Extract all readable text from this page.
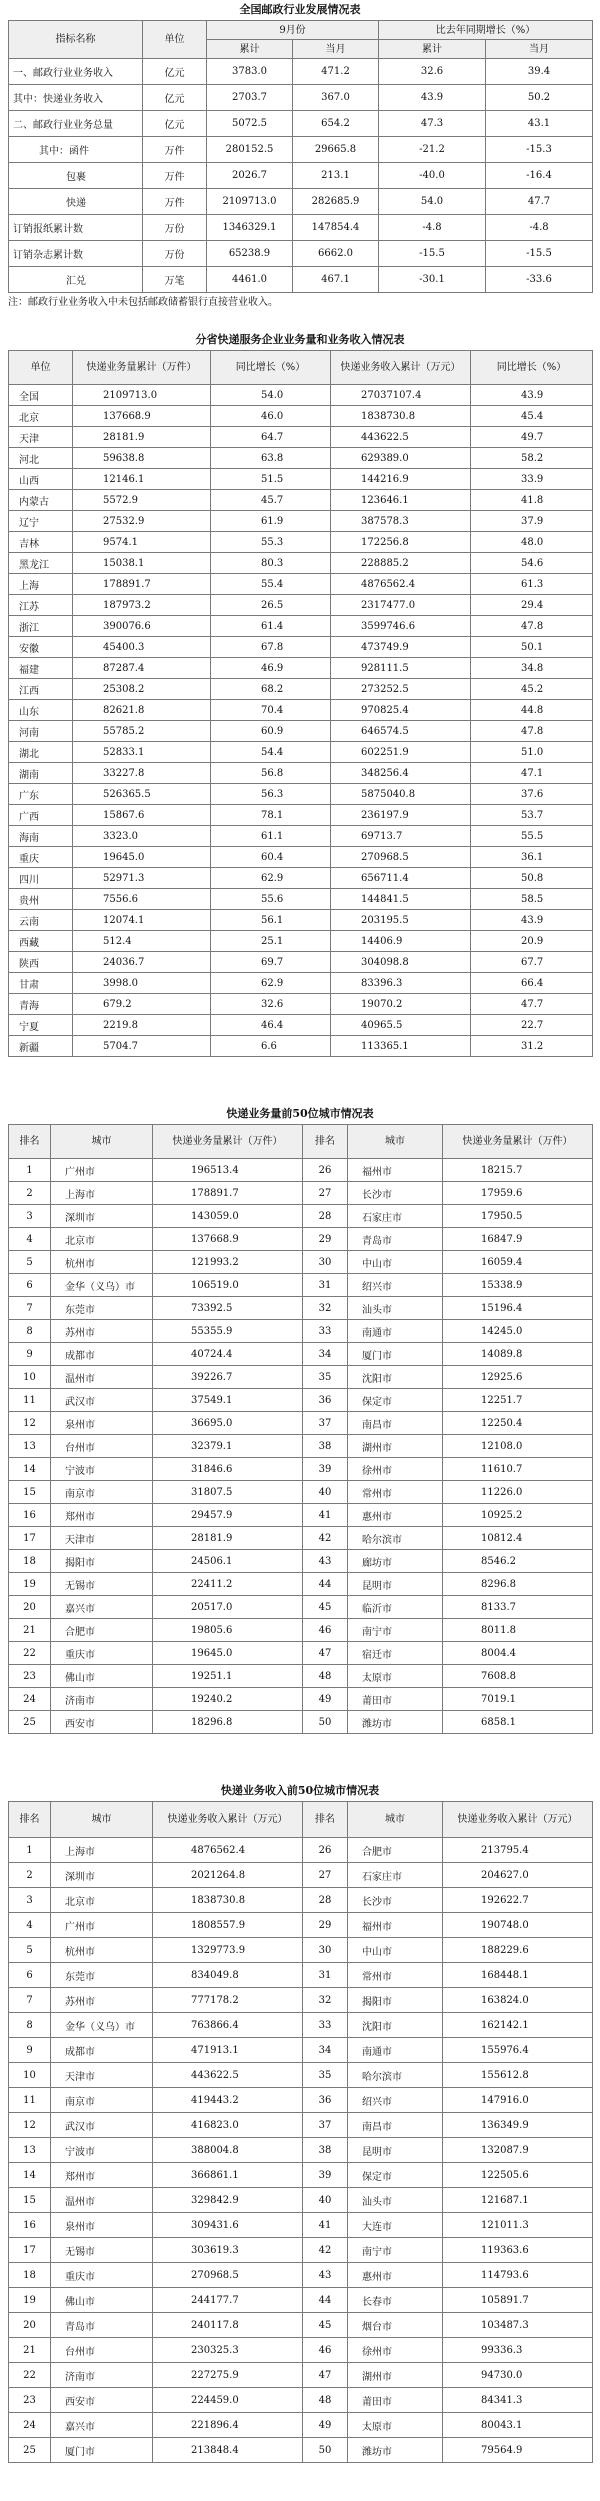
全国邮政行业发展情况表
指标名称	单位	9月份		比去年同期增长（%）	
		累计	当月	累计	当月
一、邮政行业业务收入	亿元	3783.0	471.2	32.6	39.4
其中：快递业务收入	亿元	2703.7	367.0	43.9	50.2
二、邮政行业业务总量	亿元	5072.5	654.2	47.3	43.1
其中：函件	万件	280152.5	29665.8	-21.2	-15.3
包裹	万件	2026.7	213.1	-40.0	-16.4
快递	万件	2109713.0	282685.9	54.0	47.7
订销报纸累计数	万份	1346329.1	147854.4	-4.8	-4.8
订销杂志累计数	万份	65238.9	6662.0	-15.5	-15.5
汇兑	万笔	4461.0	467.1	-30.1	-33.6
注：邮政行业业务收入中未包括邮政储蓄银行直接营业收入。
分省快递服务企业业务量和业务收入情况表
单位	快递业务量累计（万件）	同比增长（%）	快递业务收入累计（万元）	同比增长（%）
全国	2109713.0	54.0	27037107.4	43.9
北京	137668.9	46.0	1838730.8	45.4
天津	28181.9	64.7	443622.5	49.7
河北	59638.8	63.8	629389.0	58.2
山西	12146.1	51.5	144216.9	33.9
内蒙古	5572.9	45.7	123646.1	41.8
辽宁	27532.9	61.9	387578.3	37.9
吉林	9574.1	55.3	172256.8	48.0
黑龙江	15038.1	80.3	228885.2	54.6
上海	178891.7	55.4	4876562.4	61.3
江苏	187973.2	26.5	2317477.0	29.4
浙江	390076.6	61.4	3599746.6	47.8
安徽	45400.3	67.8	473749.9	50.1
福建	87287.4	46.9	928111.5	34.8
江西	25308.2	68.2	273252.5	45.2
山东	82621.8	70.4	970825.4	44.8
河南	55785.2	60.9	646574.5	47.8
湖北	52833.1	54.4	602251.9	51.0
湖南	33227.8	56.8	348256.4	47.1
广东	526365.5	56.3	5875040.8	37.6
广西	15867.6	78.1	236197.9	53.7
海南	3323.0	61.1	69713.7	55.5
重庆	19645.0	60.4	270968.5	36.1
四川	52971.3	62.9	656711.4	50.8
贵州	7556.6	55.6	144841.5	58.5
云南	12074.1	56.1	203195.5	43.9
西藏	512.4	25.1	14406.9	20.9
陕西	24036.7	69.7	304098.8	67.7
甘肃	3998.0	62.9	83396.3	66.4
青海	679.2	32.6	19070.2	47.7
宁夏	2219.8	46.4	40965.5	22.7
新疆	5704.7	6.6	113365.1	31.2
快递业务量前50位城市情况表
排名	城市	快递业务量累计（万件）	排名	城市	快递业务量累计（万件）
1	广州市	196513.4	26	福州市	18215.7
2	上海市	178891.7	27	长沙市	17959.6
3	深圳市	143059.0	28	石家庄市	17950.5
4	北京市	137668.9	29	青岛市	16847.9
5	杭州市	121993.2	30	中山市	16059.4
6	金华（义乌）市	106519.0	31	绍兴市	15338.9
7	东莞市	73392.5	32	汕头市	15196.4
8	苏州市	55355.9	33	南通市	14245.0
9	成都市	40724.4	34	厦门市	14089.8
10	温州市	39226.7	35	沈阳市	12925.6
11	武汉市	37549.1	36	保定市	12251.7
12	泉州市	36695.0	37	南昌市	12250.4
13	台州市	32379.1	38	湖州市	12108.0
14	宁波市	31846.6	39	徐州市	11610.7
15	南京市	31807.5	40	常州市	11226.0
16	郑州市	29457.9	41	惠州市	10925.2
17	天津市	28181.9	42	哈尔滨市	10812.4
18	揭阳市	24506.1	43	廊坊市	8546.2
19	无锡市	22411.2	44	昆明市	8296.8
20	嘉兴市	20517.0	45	临沂市	8133.7
21	合肥市	19805.6	46	南宁市	8011.8
22	重庆市	19645.0	47	宿迁市	8004.4
23	佛山市	19251.1	48	太原市	7608.8
24	济南市	19240.2	49	莆田市	7019.1
25	西安市	18296.8	50	潍坊市	6858.1
快递业务收入前50位城市情况表
排名	城市	快递业务收入累计（万元）	排名	城市	快递业务收入累计（万元）
1	上海市	4876562.4	26	合肥市	213795.4
2	深圳市	2021264.8	27	石家庄市	204627.0
3	北京市	1838730.8	28	长沙市	192622.7
4	广州市	1808557.9	29	福州市	190748.0
5	杭州市	1329773.9	30	中山市	188229.6
6	东莞市	834049.8	31	常州市	168448.1
7	苏州市	777178.2	32	揭阳市	163824.0
8	金华（义乌）市	763866.4	33	沈阳市	162142.1
9	成都市	471913.1	34	南通市	155976.4
10	天津市	443622.5	35	哈尔滨市	155612.8
11	南京市	419443.2	36	绍兴市	147916.0
12	武汉市	416823.0	37	南昌市	136349.9
13	宁波市	388004.8	38	昆明市	132087.9
14	郑州市	366861.1	39	保定市	122505.6
15	温州市	329842.9	40	汕头市	121687.1
16	泉州市	309431.6	41	大连市	121011.3
17	无锡市	303619.3	42	南宁市	119363.6
18	重庆市	270968.5	43	惠州市	114793.6
19	佛山市	244177.7	44	长春市	105891.7
20	青岛市	240117.8	45	烟台市	103487.3
21	台州市	230325.3	46	徐州市	99336.3
22	济南市	227275.9	47	湖州市	94730.0
23	西安市	224459.0	48	莆田市	84341.3
24	嘉兴市	221896.4	49	太原市	80043.1
25	厦门市	213848.4	50	潍坊市	79564.9
